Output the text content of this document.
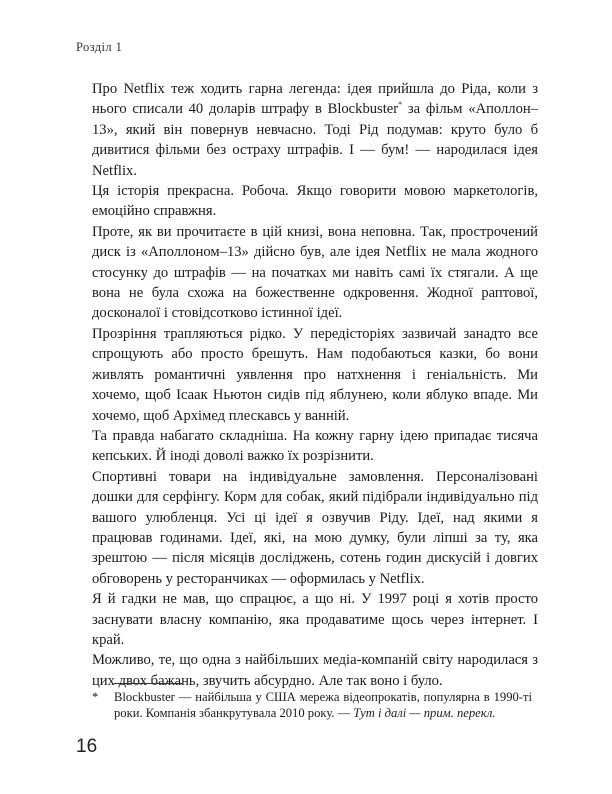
Розділ 1

Про Netflix теж ходить гарна легенда: ідея прийшла до Ріда, коли з нього списали 40 доларів штрафу в Blockbuster* за фільм «Аполлон–13», який він повернув невчасно. Тоді Рід подумав: круто було б дивитися фільми без остраху штрафів. І — бум! — народилася ідея Netflix.

Ця історія прекрасна. Робоча. Якщо говорити мовою маркетологів, емоційно справжня.

Проте, як ви прочитаєте в цій книзі, вона неповна. Так, прострочений диск із «Аполлоном–13» дійсно був, але ідея Netflix не мала жодного стосунку до штрафів — на початках ми навіть самі їх стягали. А ще вона не була схожа на божественне одкровення. Жодної раптової, досконалої і стовідсотково істинної ідеї.

Прозріння трапляються рідко. У передісторіях зазвичай занадто все спрощують або просто брешуть. Нам подобаються казки, бо вони живлять романтичні уявлення про натхнення і геніальність. Ми хочемо, щоб Ісаак Ньютон сидів під яблунею, коли яблуко впаде. Ми хочемо, щоб Архімед плескавсь у ванній.

Та правда набагато складніша. На кожну гарну ідею припадає тисяча кепських. Й іноді доволі важко їх розрізнити.

Спортивні товари на індивідуальне замовлення. Персоналізовані дошки для серфінгу. Корм для собак, який підібрали індивідуально під вашого улюбленця. Усі ці ідеї я озвучив Ріду. Ідеї, над якими я працював годинами. Ідеї, які, на мою думку, були ліпші за ту, яка зрештою — після місяців досліджень, сотень годин дискусій і довгих обговорень у ресторанчиках — оформилась у Netflix.

Я й гадки не мав, що спрацює, а що ні. У 1997 році я хотів просто заснувати власну компанію, яка продаватиме щось через інтернет. І край.

Можливо, те, що одна з найбільших медіа-компаній світу народилася з цих двох бажань, звучить абсурдно. Але так воно і було.

*	Blockbuster — найбільша у США мережа відеопрокатів, популярна в 1990-ті роки. Компанія збанкрутувала 2010 року. — Тут і далі — прим. перекл.
16
